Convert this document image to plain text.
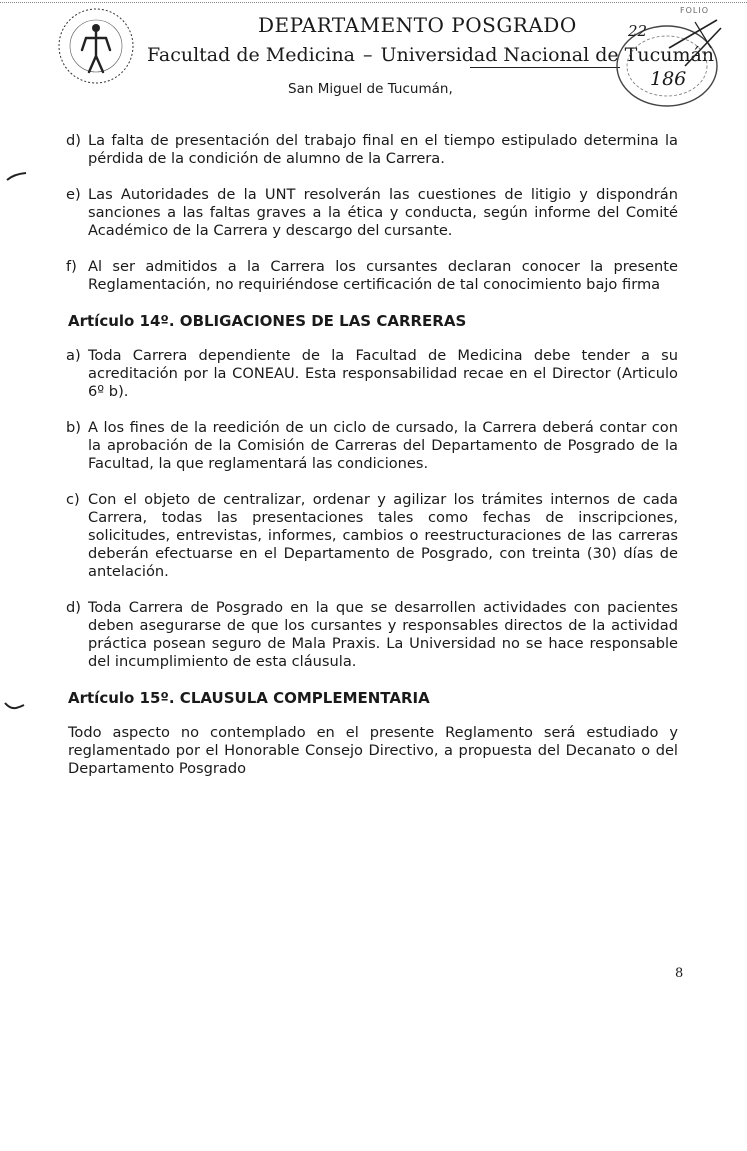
DEPARTAMENTO POSGRADO
Facultad de Medicina – Universidad Nacional de Tucumán
San Miguel de Tucumán,
22
186
FOLIO
d) La falta de presentación del trabajo final en el tiempo estipulado determina la pérdida de la condición de alumno de la Carrera.
e) Las Autoridades de la UNT resolverán las cuestiones de litigio y dispondrán sanciones a las faltas graves a la ética y conducta, según informe del Comité Académico de la Carrera y descargo del cursante.
f) Al ser admitidos a la Carrera los cursantes declaran conocer la presente Reglamentación, no requiriéndose certificación de tal conocimiento bajo firma
Artículo 14º. OBLIGACIONES DE LAS CARRERAS
a) Toda Carrera dependiente de la Facultad de Medicina debe tender a su acreditación por la CONEAU. Esta responsabilidad recae en el Director (Articulo 6º b).
b) A los fines de la reedición de un ciclo de cursado, la Carrera deberá contar con la aprobación de la Comisión de Carreras del Departamento de Posgrado de la Facultad, la que reglamentará las condiciones.
c) Con el objeto de centralizar, ordenar y agilizar los trámites internos de cada Carrera, todas las presentaciones tales como fechas de inscripciones, solicitudes, entrevistas, informes, cambios o reestructuraciones de las carreras deberán efectuarse en el Departamento de Posgrado, con treinta (30) días de antelación.
d) Toda Carrera de Posgrado en la que se desarrollen actividades con pacientes deben asegurarse de que los cursantes y responsables directos de la actividad práctica posean seguro de Mala Praxis. La Universidad no se hace responsable del incumplimiento de esta cláusula.
Artículo 15º. CLAUSULA COMPLEMENTARIA

Todo aspecto no contemplado en el presente Reglamento será estudiado y reglamentado por el Honorable Consejo Directivo, a propuesta del Decanato o del Departamento Posgrado

8
